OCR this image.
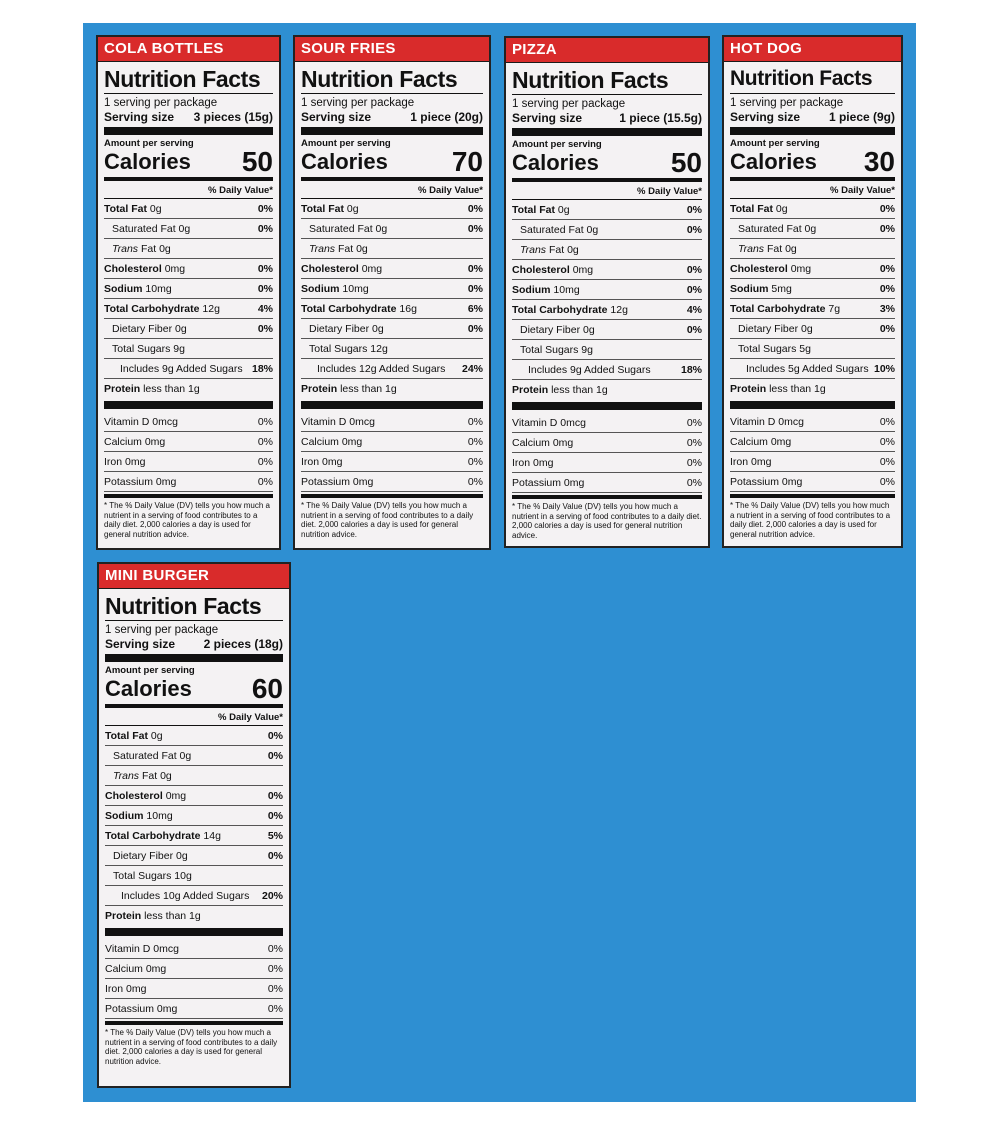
COLA BOTTLES
Nutrition Facts
1 serving per package
Serving size 3 pieces (15g)
Amount per serving
Calories 50
% Daily Value*
Total Fat 0g	0%
Saturated Fat 0g	0%
Trans Fat 0g
Cholesterol 0mg	0%
Sodium 10mg	0%
Total Carbohydrate 12g	4%
Dietary Fiber 0g	0%
Total Sugars 9g
Includes 9g Added Sugars 18%
Protein less than 1g
Vitamin D 0mcg	0%
Calcium 0mg	0%
Iron 0mg	0%
Potassium 0mg	0%
* The % Daily Value (DV) tells you how much a nutrient in a serving of food contributes to a daily diet. 2,000 calories a day is used for general nutrition advice.
SOUR FRIES
Nutrition Facts
1 serving per package
Serving size	1 piece (20g)
Amount per serving
Calories 70
% Daily Value*
Total Fat 0g	0%
Saturated Fat 0g	0%
Trans Fat 0g
Cholesterol 0mg	0%
Sodium 10mg	0%
Total Carbohydrate 16g	6%
Dietary Fiber 0g	0%
Total Sugars 12g
Includes 12g Added Sugars 24%
Protein less than 1g
Vitamin D 0mcg	0%
Calcium 0mg	0%
Iron 0mg	0%
Potassium 0mg	0%
* The % Daily Value (DV) tells you how much a nutrient in a serving of food contributes to a daily diet. 2,000 calories a day is used for general nutrition advice.
PIZZA
Nutrition Facts
1 serving per package
Serving size	1 piece (15.5g)
Amount per serving
Calories	50
% Daily Value*
Total Fat 0g	0%
Saturated Fat 0g	0%
Trans Fat 0g
Cholesterol 0mg	0%
Sodium 10mg	0%
Total Carbohydrate 12g	4%
Dietary Fiber 0g	0%
Total Sugars 9g
Includes 9g Added Sugars	18%
Protein less than 1g
Vitamin D 0mcg	0%
Calcium 0mg	0%
Iron 0mg	0%
Potassium 0mg	0%
* The % Daily Value (DV) tells you how much a nutrient in a serving of food contributes to a daily diet. 2,000 calories a day is used for general nutrition advice.
HOT DOG
Nutrition Facts
1 serving per package
Serving size 1 piece (9g)
Amount per serving
Calories 30
% Daily Value*
Total Fat 0g	0%
Saturated Fat 0g	0%
Trans Fat 0g
Cholesterol 0mg	0%
Sodium 5mg	0%
Total Carbohydrate 7g	3%
Dietary Fiber 0g	0%
Total Sugars 5g
Includes 5g Added Sugars 10%
Protein less than 1g
Vitamin D 0mcg	0%
Calcium 0mg	0%
Iron 0mg	0%
Potassium 0mg	0%
* The % Daily Value (DV) tells you how much a nutrient in a serving of food contributes to a daily diet. 2,000 calories a day is used for general nutrition advice.
MINI BURGER
Nutrition Facts
1 serving per package
Serving size 2 pieces (18g)
Amount per serving
Calories 60
% Daily Value*
Total Fat 0g	0%
Saturated Fat 0g	0%
Trans Fat 0g
Cholesterol 0mg	0%
Sodium 10mg	0%
Total Carbohydrate 14g	5%
Dietary Fiber 0g	0%
Total Sugars 10g
Includes 10g Added Sugars 20%
Protein less than 1g
Vitamin D 0mcg	0%
Calcium 0mg	0%
Iron 0mg	0%
Potassium 0mg	0%
* The % Daily Value (DV) tells you how much a nutrient in a serving of food contributes to a daily diet. 2,000 calories a day is used for general nutrition advice.
